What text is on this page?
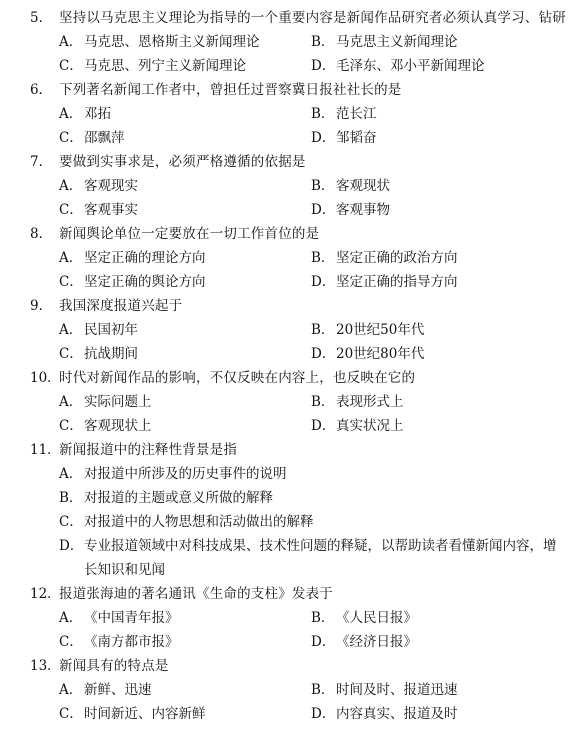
5． 坚持以马克思主义理论为指导的一个重要内容是新闻作品研究者必须认真学习、钻研
A． 马克思、恩格斯主义新闻理论	B． 马克思主义新闻理论
C． 马克思、列宁主义新闻理论	D． 毛泽东、邓小平新闻理论
6． 下列著名新闻工作者中，曾担任过晋察冀日报社社长的是
A． 邓拓	B． 范长江
C． 邵飘萍	D． 邹韬奋
7． 要做到实事求是，必须严格遵循的依据是
A． 客观现实	B． 客观现状
C． 客观事实	D． 客观事物
8． 新闻舆论单位一定要放在一切工作首位的是
A． 坚定正确的理论方向	B． 坚定正确的政治方向
C． 坚定正确的舆论方向	D． 坚定正确的指导方向
9． 我国深度报道兴起于
A． 民国初年	B． 20世纪50年代
C． 抗战期间	D． 20世纪80年代
10．
时代对新闻作品的影响，不仅反映在内容上，也反映在它的
A． 实际问题上	B． 表现形式上
C． 客观现状上	D． 真实状况上
11．
新闻报道中的注释性背景是指
A． 对报道中所涉及的历史事件的说明
B． 对报道的主题或意义所做的解释
C． 对报道中的人物思想和活动做出的解释
D． 专业报道领域中对科技成果、技术性问题的释疑，以帮助读者看懂新闻内容，增长知识和见闻
12．
报道张海迪的著名通讯《生命的支柱》发表于
A． 《中国青年报》	B． 《人民日报》
C． 《南方都市报》	D． 《经济日报》
13．
新闻具有的特点是
A． 新鲜、迅速	B． 时间及时、报道迅速
C． 时间新近、内容新鲜	D． 内容真实、报道及时
